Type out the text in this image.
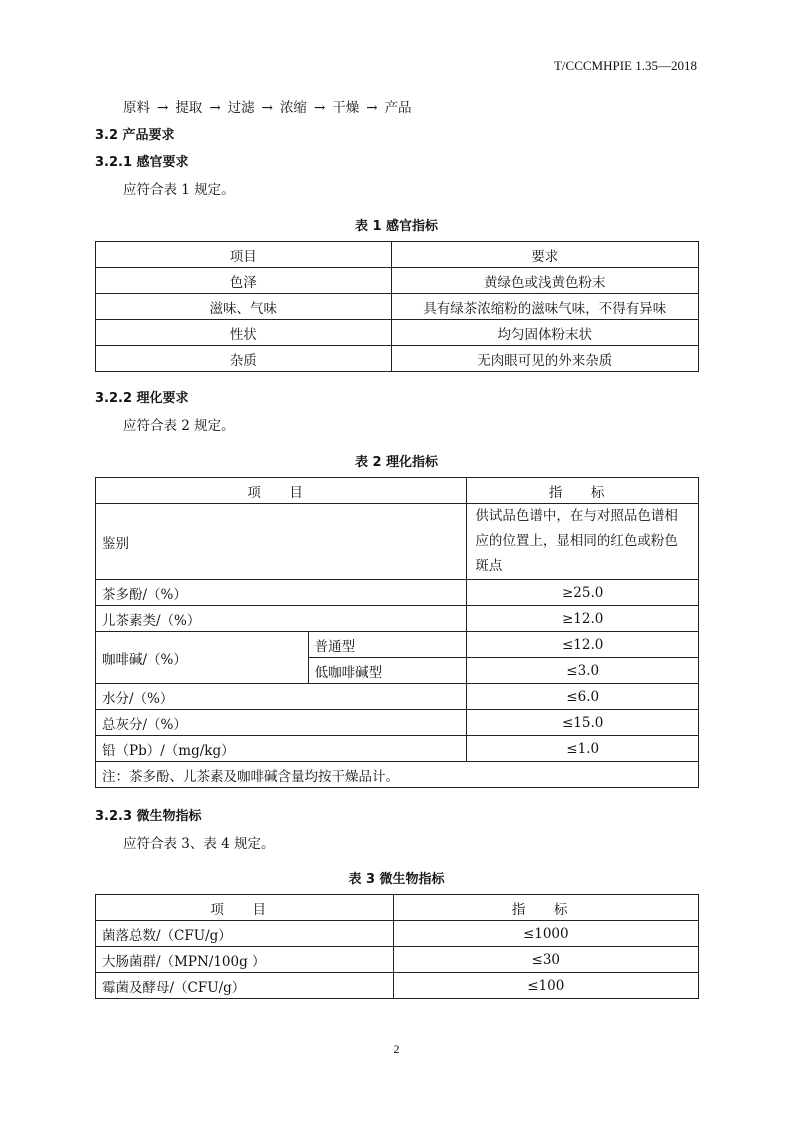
T/CCCMHPIE 1.35—2018
原料 → 提取 → 过滤 → 浓缩 → 干燥 → 产品
3.2 产品要求
3.2.1 感官要求
应符合表 1 规定。
表 1 感官指标
项目	要求
色泽	黄绿色或浅黄色粉末
滋味、气味	具有绿茶浓缩粉的滋味气味，不得有异味
性状	均匀固体粉末状
杂质	无肉眼可见的外来杂质
3.2.2 理化要求
应符合表 2 规定。
表 2 理化指标
项 目		指 标
鉴别		供试品色谱中，在与对照品色谱相应的位置上，显相同的红色或粉色斑点
茶多酚/（%）		≥25.0
儿茶素类/（%）		≥12.0
咖啡碱/（%）	普通型	≤12.0
	低咖啡碱型	≤3.0
水分/（%）		≤6.0
总灰分/（%）		≤15.0
铅（Pb）/（mg/kg）		≤1.0
注：茶多酚、儿茶素及咖啡碱含量均按干燥品计。		
3.2.3 微生物指标
应符合表 3、表 4 规定。
表 3 微生物指标
项 目	指 标
菌落总数/（CFU/g）	≤1000
大肠菌群/（MPN/100g ）	≤30
霉菌及酵母/（CFU/g）	≤100
2
